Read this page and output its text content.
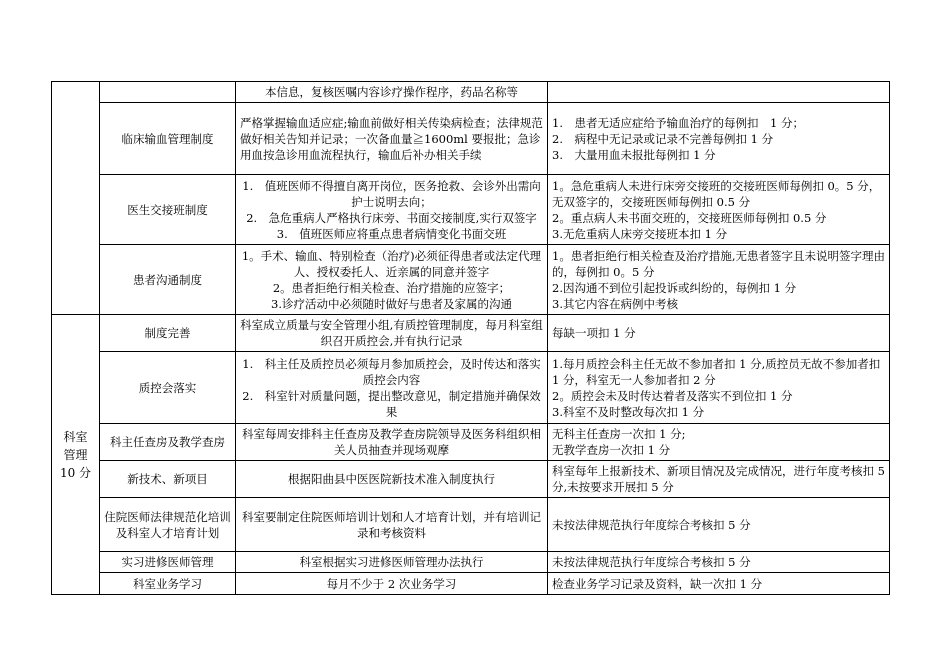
		本信息，复核医嘱内容诊疗操作程序，药品名称等	

	临床输血管理制度	严格掌握输血适应症;输血前做好相关传染病检查；法律规范做好相关告知并记录；一次备血量≧1600ml 要报批；急诊用血按急诊用血流程执行，输血后补办相关手续	1.　患者无适应症给予输血治疗的每例扣　1 分；
2.　病程中无记录或记录不完善每例扣 1 分
3.　大量用血未报批每例扣 1 分

	医生交接班制度	1.　值班医师不得擅自离开岗位，医务抢救、会诊外出需向护士说明去向；
2.　急危重病人严格执行床旁、书面交接制度,实行双签字
3.　值班医师应将重点患者病情变化书面交班	1。急危重病人未进行床旁交接班的交接班医师每例扣 0。5 分，无双签字的，交接班医师每例扣 0.5 分
2。重点病人未书面交班的，交接班医师每例扣 0.5 分
3.无危重病人床旁交接班本扣 1 分

	患者沟通制度	1。手术、输血、特别检查（治疗)必须征得患者或法定代理人、授权委托人、近亲属的同意并签字
2。患者拒绝行相关检查、治疗措施的应签字；
3.诊疗活动中必须随时做好与患者及家属的沟通	1。患者拒绝行相关检查及治疗措施,无患者签字且未说明签字理由的，每例扣 0。5 分
2.因沟通不到位引起投诉或纠纷的，每例扣 1 分
3.其它内容在病例中考核

科室
管理
10 分	制度完善	科室成立质量与安全管理小组,有质控管理制度，每月科室组织召开质控会,并有执行记录	每缺一项扣 1 分

	质控会落实	1.　科主任及质控员必须每月参加质控会，及时传达和落实质控会内容
2.　科室针对质量问题，提出整改意见，制定措施并确保效果	1.每月质控会科主任无故不参加者扣 1 分,质控员无故不参加者扣 1 分，科室无一人参加者扣 2 分
2。质控会未及时传达着者及落实不到位扣 1 分
3.科室不及时整改每次扣 1 分

	科主任查房及教学查房	科室每周安排科主任查房及教学查房院领导及医务科组织相关人员抽查并现场观摩	无科主任查房一次扣 1 分;
无教学查房一次扣 1 分

	新技术、新项目	根据阳曲县中医医院新技术准入制度执行	科室每年上报新技术、新项目情况及完成情况，进行年度考核扣 5 分,未按要求开展扣 5 分

	住院医师法律规范化培训及科室人才培育计划	科室要制定住院医师培训计划和人才培育计划，并有培训记录和考核资料	未按法律规范执行年度综合考核扣 5 分

	实习进修医师管理	科室根据实习进修医师管理办法执行	未按法律规范执行年度综合考核扣 5 分

	科室业务学习	每月不少于 2 次业务学习	检查业务学习记录及资料，缺一次扣 1 分
